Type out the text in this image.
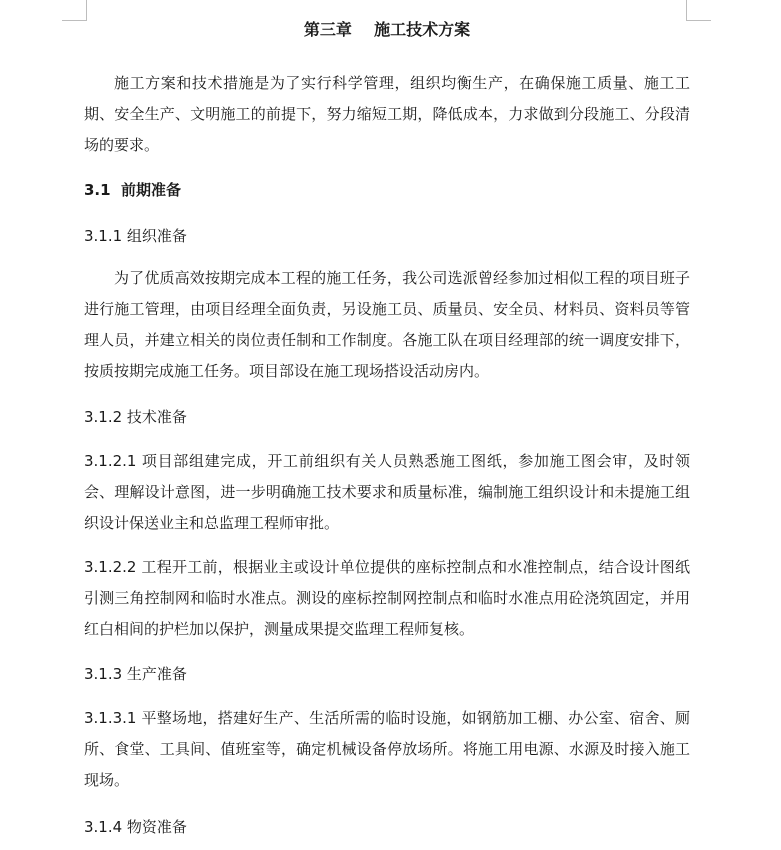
第三章    施工技术方案
施工方案和技术措施是为了实行科学管理，组织均衡生产，在确保施工质量、施工工期、安全生产、文明施工的前提下，努力缩短工期，降低成本，力求做到分段施工、分段清场的要求。
3.1  前期准备
3.1.1 组织准备
为了优质高效按期完成本工程的施工任务，我公司选派曾经参加过相似工程的项目班子进行施工管理，由项目经理全面负责，另设施工员、质量员、安全员、材料员、资料员等管理人员，并建立相关的岗位责任制和工作制度。各施工队在项目经理部的统一调度安排下，按质按期完成施工任务。项目部设在施工现场搭设活动房内。
3.1.2 技术准备
3.1.2.1 项目部组建完成，开工前组织有关人员熟悉施工图纸，参加施工图会审，及时领会、理解设计意图，进一步明确施工技术要求和质量标准，编制施工组织设计和未提施工组织设计保送业主和总监理工程师审批。
3.1.2.2 工程开工前，根据业主或设计单位提供的座标控制点和水准控制点，结合设计图纸引测三角控制网和临时水准点。测设的座标控制网控制点和临时水准点用砼浇筑固定，并用红白相间的护栏加以保护，测量成果提交监理工程师复核。
3.1.3 生产准备
3.1.3.1 平整场地，搭建好生产、生活所需的临时设施，如钢筋加工棚、办公室、宿舍、厕所、食堂、工具间、值班室等，确定机械设备停放场所。将施工用电源、水源及时接入施工现场。
3.1.4 物资准备
